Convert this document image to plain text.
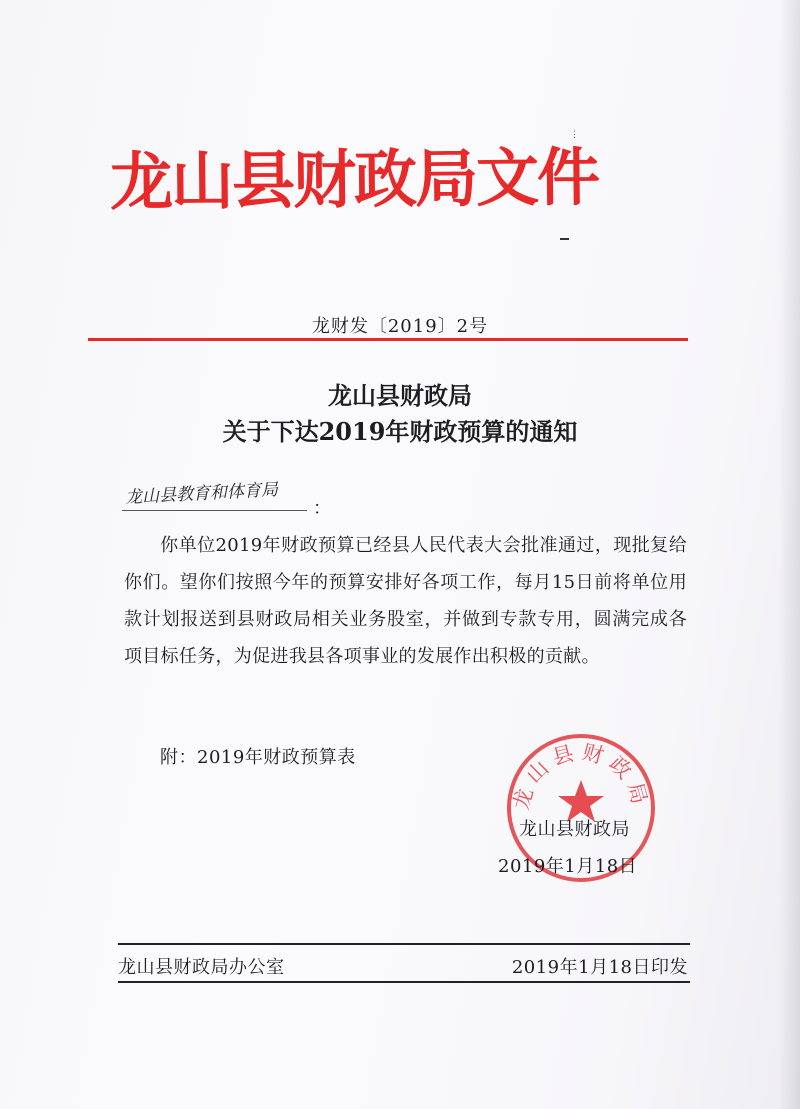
龙山县财政局文件
⋮
龙财发〔2019〕2号
龙山县财政局
关于下达2019年财政预算的通知
龙山县教育和体育局
：
你单位2019年财政预算已经县人民代表大会批准通过，现批复给你们。望你们按照今年的预算安排好各项工作，每月15日前将单位用款计划报送到县财政局相关业务股室，并做到专款专用，圆满完成各项目标任务，为促进我县各项事业的发展作出积极的贡献。
附：2019年财政预算表
龙山县财政局
龙山县财政局
2019年1月18日
龙山县财政局办公室	2019年1月18日印发
